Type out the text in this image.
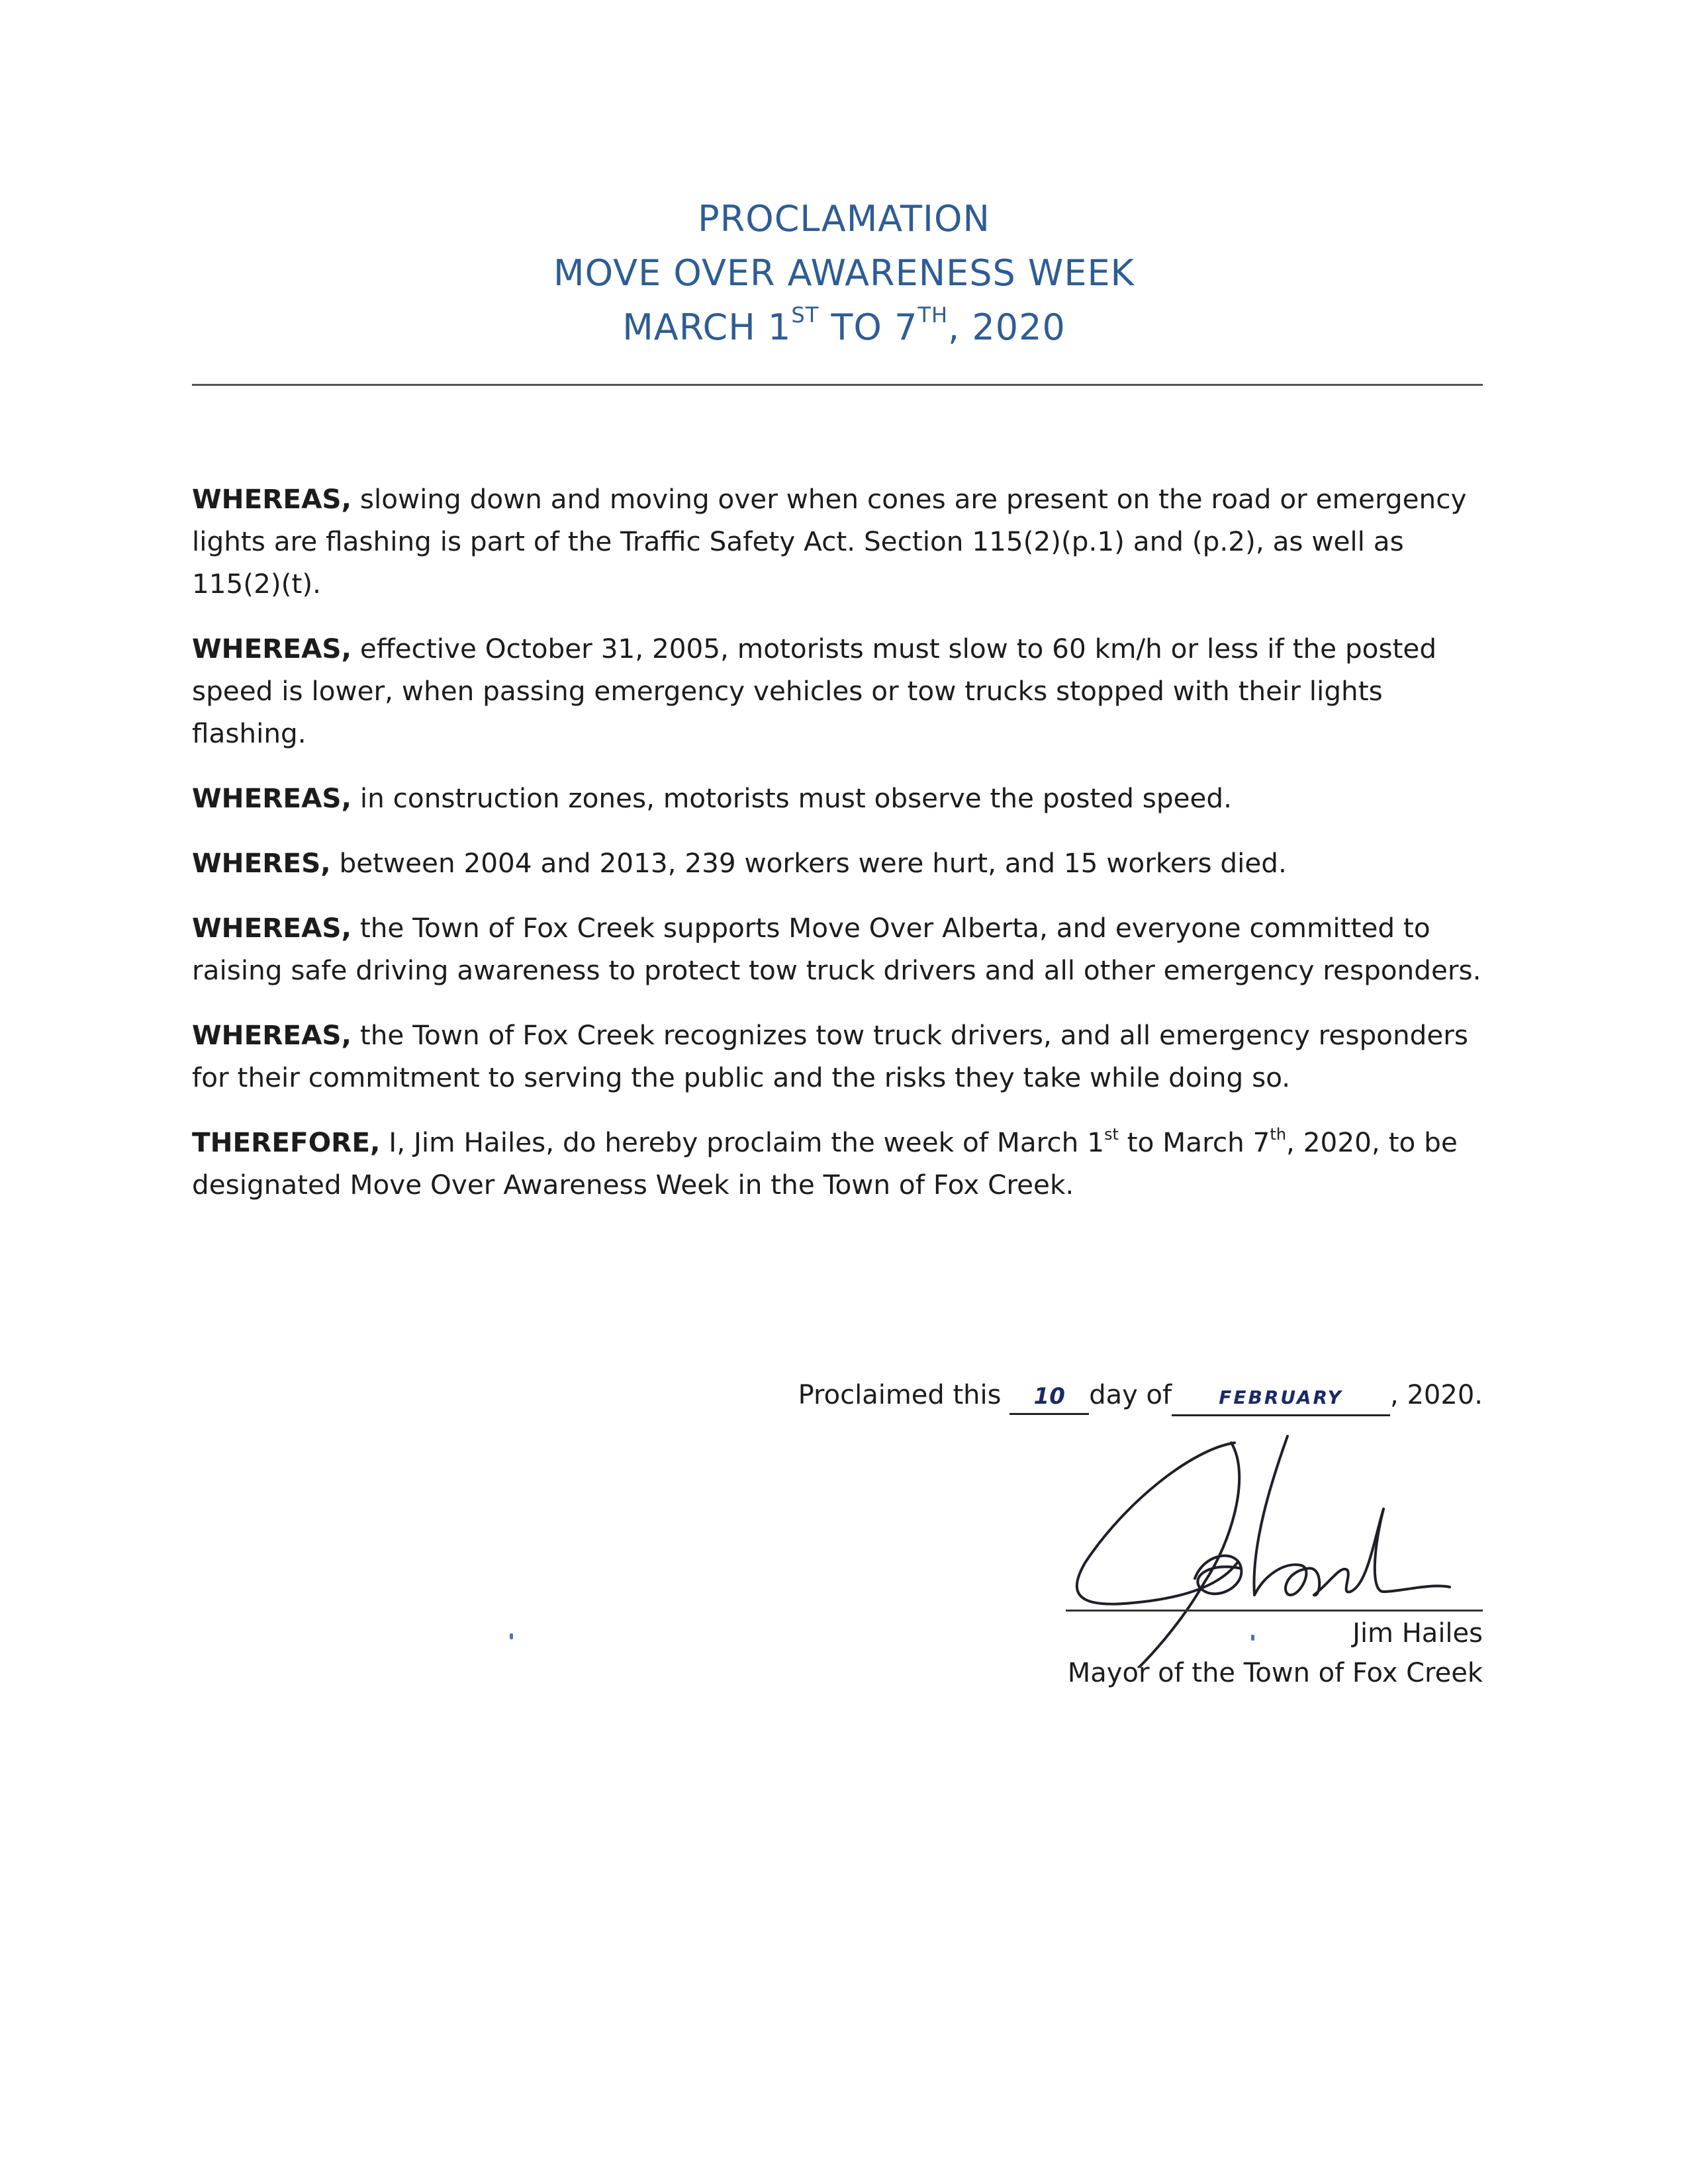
PROCLAMATION
MOVE OVER AWARENESS WEEK
MARCH 1ST TO 7TH, 2020

WHEREAS, slowing down and moving over when cones are present on the road or emergency lights are flashing is part of the Traffic Safety Act. Section 115(2)(p.1) and (p.2), as well as 115(2)(t).

WHEREAS, effective October 31, 2005, motorists must slow to 60 km/h or less if the posted speed is lower, when passing emergency vehicles or tow trucks stopped with their lights flashing.

WHEREAS, in construction zones, motorists must observe the posted speed.

WHERES, between 2004 and 2013, 239 workers were hurt, and 15 workers died.

WHEREAS, the Town of Fox Creek supports Move Over Alberta, and everyone committed to raising safe driving awareness to protect tow truck drivers and all other emergency responders.

WHEREAS, the Town of Fox Creek recognizes tow truck drivers, and all emergency responders for their commitment to serving the public and the risks they take while doing so.

THEREFORE, I, Jim Hailes, do hereby proclaim the week of March 1st to March 7th, 2020, to be designated Move Over Awareness Week in the Town of Fox Creek.

Proclaimed this 10 day of	FEBRUARY , 2020.
Jim Hailes
Mayor of the Town of Fox Creek
